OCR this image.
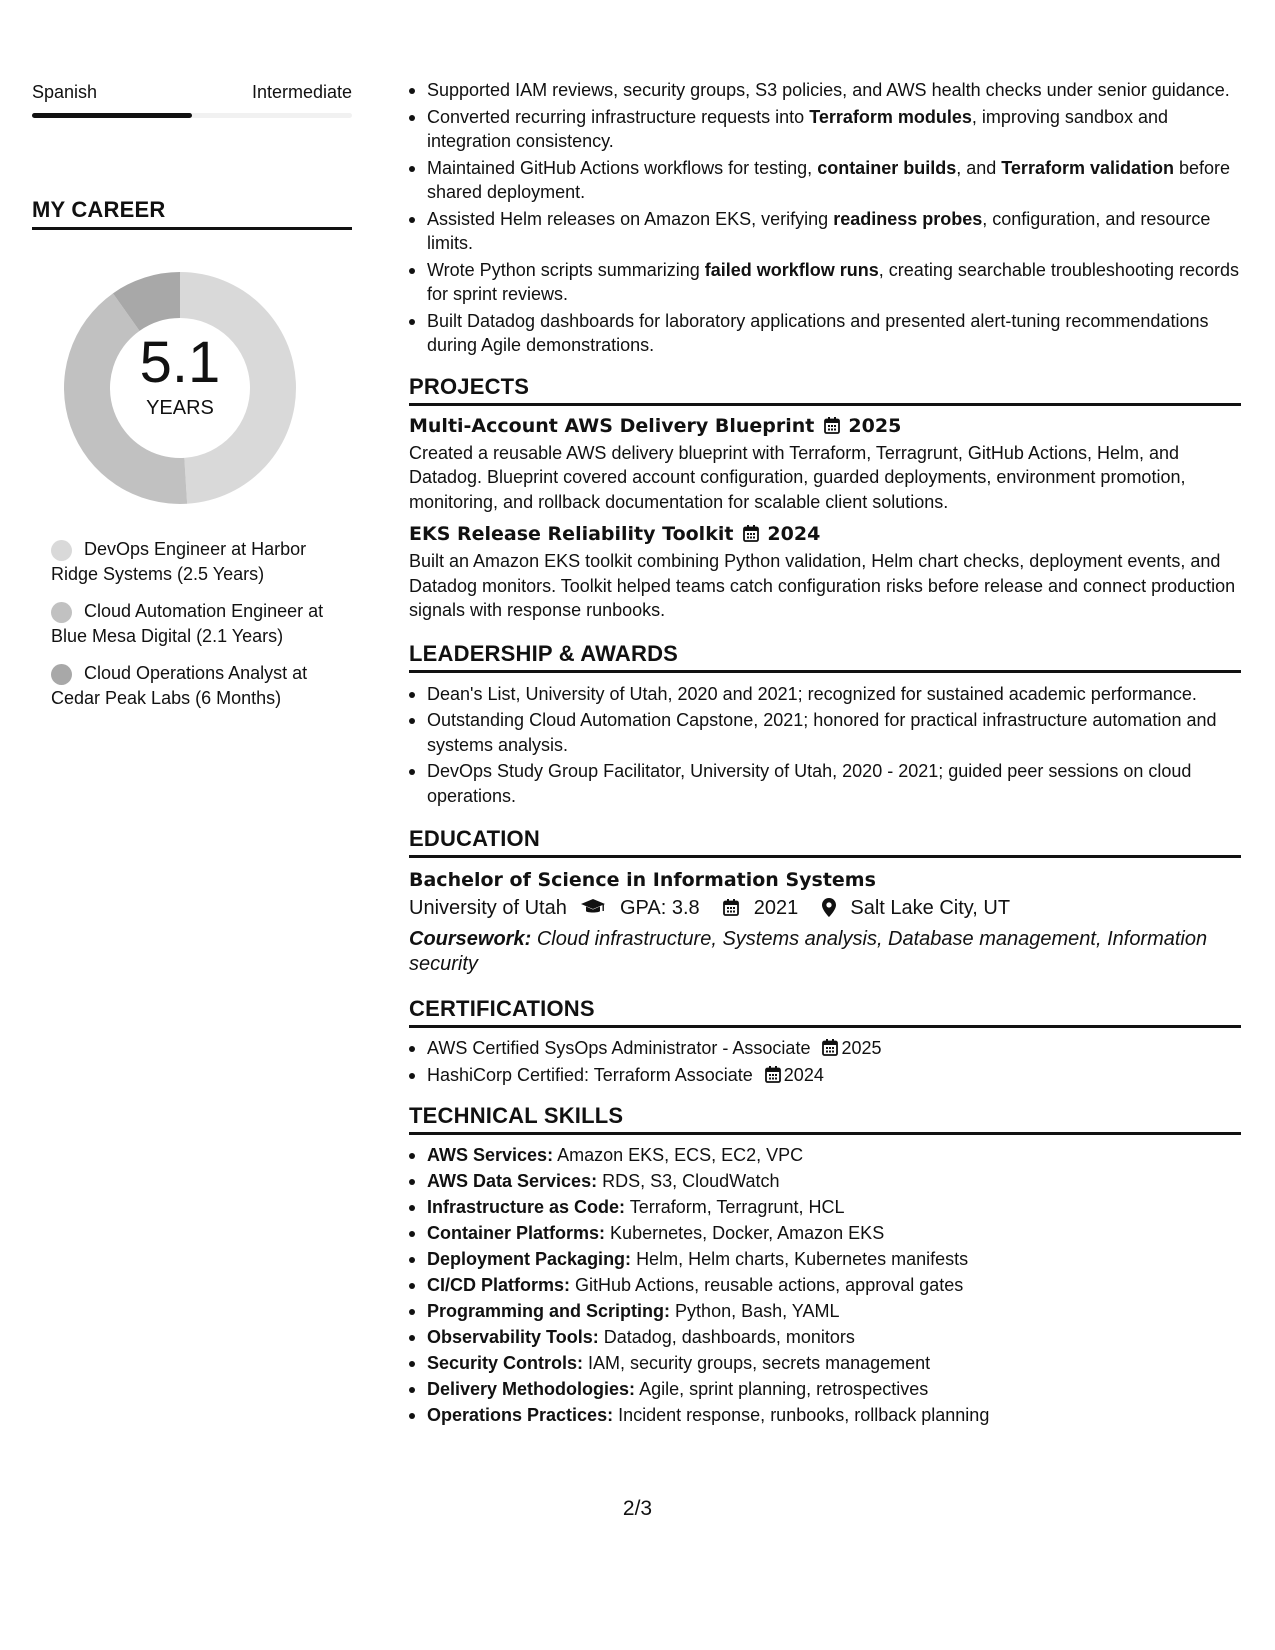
Spanish	Intermediate
MY CAREER
5.1
YEARS
DevOps Engineer at Harbor Ridge Systems (2.5 Years)
Cloud Automation Engineer at Blue Mesa Digital (2.1 Years)
Cloud Operations Analyst at Cedar Peak Labs (6 Months)
Supported IAM reviews, security groups, S3 policies, and AWS health checks under senior guidance.
Converted recurring infrastructure requests into Terraform modules, improving sandbox and integration consistency.
Maintained GitHub Actions workflows for testing, container builds, and Terraform validation before shared deployment.
Assisted Helm releases on Amazon EKS, verifying readiness probes, configuration, and resource limits.
Wrote Python scripts summarizing failed workflow runs, creating searchable troubleshooting records for sprint reviews.
Built Datadog dashboards for laboratory applications and presented alert-tuning recommendations during Agile demonstrations.
PROJECTS
Multi-Account AWS Delivery Blueprint 2025
Created a reusable AWS delivery blueprint with Terraform, Terragrunt, GitHub Actions, Helm, and Datadog. Blueprint covered account configuration, guarded deployments, environment promotion, monitoring, and rollback documentation for scalable client solutions.
EKS Release Reliability Toolkit 2024
Built an Amazon EKS toolkit combining Python validation, Helm chart checks, deployment events, and Datadog monitors. Toolkit helped teams catch configuration risks before release and connect production signals with response runbooks.
LEADERSHIP & AWARDS
Dean's List, University of Utah, 2020 and 2021; recognized for sustained academic performance.
Outstanding Cloud Automation Capstone, 2021; honored for practical infrastructure automation and systems analysis.
DevOps Study Group Facilitator, University of Utah, 2020 - 2021; guided peer sessions on cloud operations.
EDUCATION
Bachelor of Science in Information Systems
University of Utah	GPA: 3.8	2021	Salt Lake City, UT
Coursework: Cloud infrastructure, Systems analysis, Database management, Information security
CERTIFICATIONS
AWS Certified SysOps Administrator - Associate 2025
HashiCorp Certified: Terraform Associate 2024
TECHNICAL SKILLS
AWS Services: Amazon EKS, ECS, EC2, VPC
AWS Data Services: RDS, S3, CloudWatch
Infrastructure as Code: Terraform, Terragrunt, HCL
Container Platforms: Kubernetes, Docker, Amazon EKS
Deployment Packaging: Helm, Helm charts, Kubernetes manifests
CI/CD Platforms: GitHub Actions, reusable actions, approval gates
Programming and Scripting: Python, Bash, YAML
Observability Tools: Datadog, dashboards, monitors
Security Controls: IAM, security groups, secrets management
Delivery Methodologies: Agile, sprint planning, retrospectives
Operations Practices: Incident response, runbooks, rollback planning
2/3
